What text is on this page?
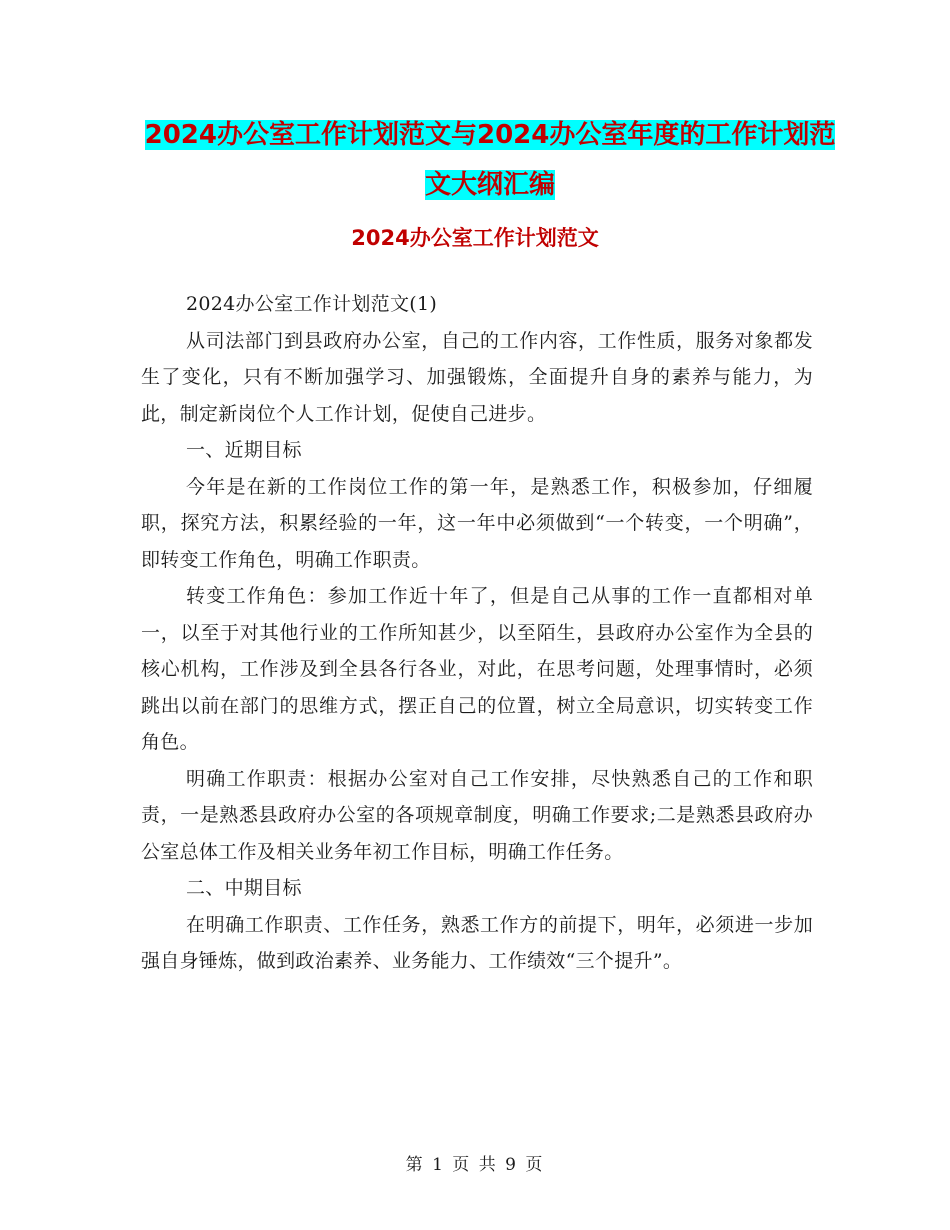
2024办公室工作计划范文与2024办公室年度的工作计划范文大纲汇编
2024办公室工作计划范文

2024办公室工作计划范文(1)

从司法部门到县政府办公室，自己的工作内容，工作性质，服务对象都发生了变化，只有不断加强学习、加强锻炼，全面提升自身的素养与能力，为此，制定新岗位个人工作计划，促使自己进步。

一、近期目标

今年是在新的工作岗位工作的第一年，是熟悉工作，积极参加，仔细履职，探究方法，积累经验的一年，这一年中必须做到“一个转变，一个明确”，即转变工作角色，明确工作职责。

转变工作角色：参加工作近十年了，但是自己从事的工作一直都相对单一，以至于对其他行业的工作所知甚少，以至陌生，县政府办公室作为全县的核心机构，工作涉及到全县各行各业，对此，在思考问题，处理事情时，必须跳出以前在部门的思维方式，摆正自己的位置，树立全局意识，切实转变工作角色。

明确工作职责：根据办公室对自己工作安排，尽快熟悉自己的工作和职责，一是熟悉县政府办公室的各项规章制度，明确工作要求;二是熟悉县政府办公室总体工作及相关业务年初工作目标，明确工作任务。

二、中期目标

在明确工作职责、工作任务，熟悉工作方的前提下，明年，必须进一步加强自身锤炼，做到政治素养、业务能力、工作绩效“三个提升”。

第 1 页 共 9 页
